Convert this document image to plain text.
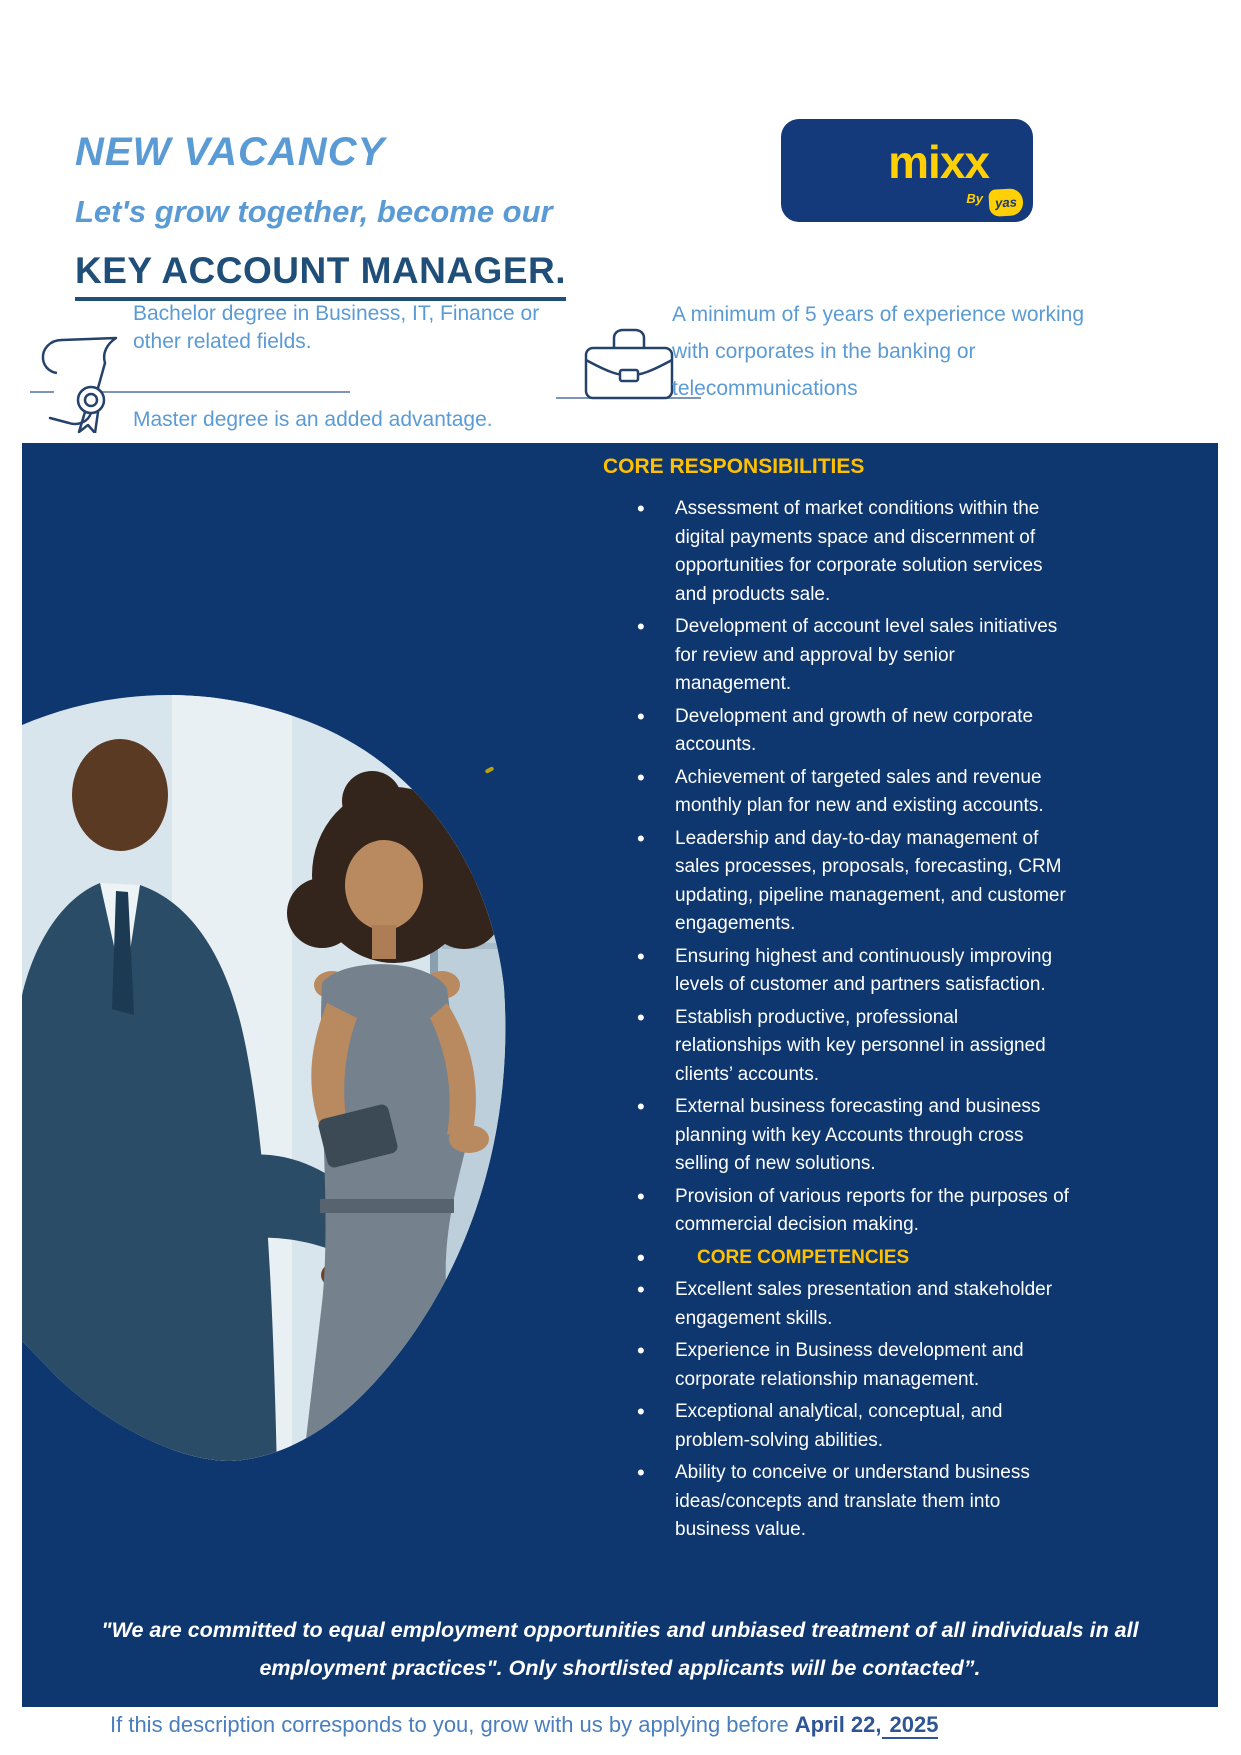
NEW VACANCY
Let's grow together, become our
KEY ACCOUNT MANAGER.
mixx
By yas

Bachelor degree in Business, IT, Finance or other related fields.

Master degree is an added advantage.

A minimum of 5 years of experience working with corporates in the banking or telecommunications

CORE RESPONSIBILITIES
• Assessment of market conditions within the digital payments space and discernment of opportunities for corporate solution services and products sale.
• Development of account level sales initiatives for review and approval by senior management.
• Development and growth of new corporate accounts.
• Achievement of targeted sales and revenue monthly plan for new and existing accounts.
• Leadership and day-to-day management of sales processes, proposals, forecasting, CRM updating, pipeline management, and customer engagements.
• Ensuring highest and continuously improving levels of customer and partners satisfaction.
• Establish productive, professional relationships with key personnel in assigned clients’ accounts.
• External business forecasting and business planning with key Accounts through cross selling of new solutions.
• Provision of various reports for the purposes of commercial decision making.
• CORE COMPETENCIES
• Excellent sales presentation and stakeholder engagement skills.
• Experience in Business development and corporate relationship management.
• Exceptional analytical, conceptual, and problem-solving abilities.
• Ability to conceive or understand business ideas/concepts and translate them into business value.

"We are committed to equal employment opportunities and unbiased treatment of all individuals in all employment practices". Only shortlisted applicants will be contacted”.

If this description corresponds to you, grow with us by applying before April 22, 2025
